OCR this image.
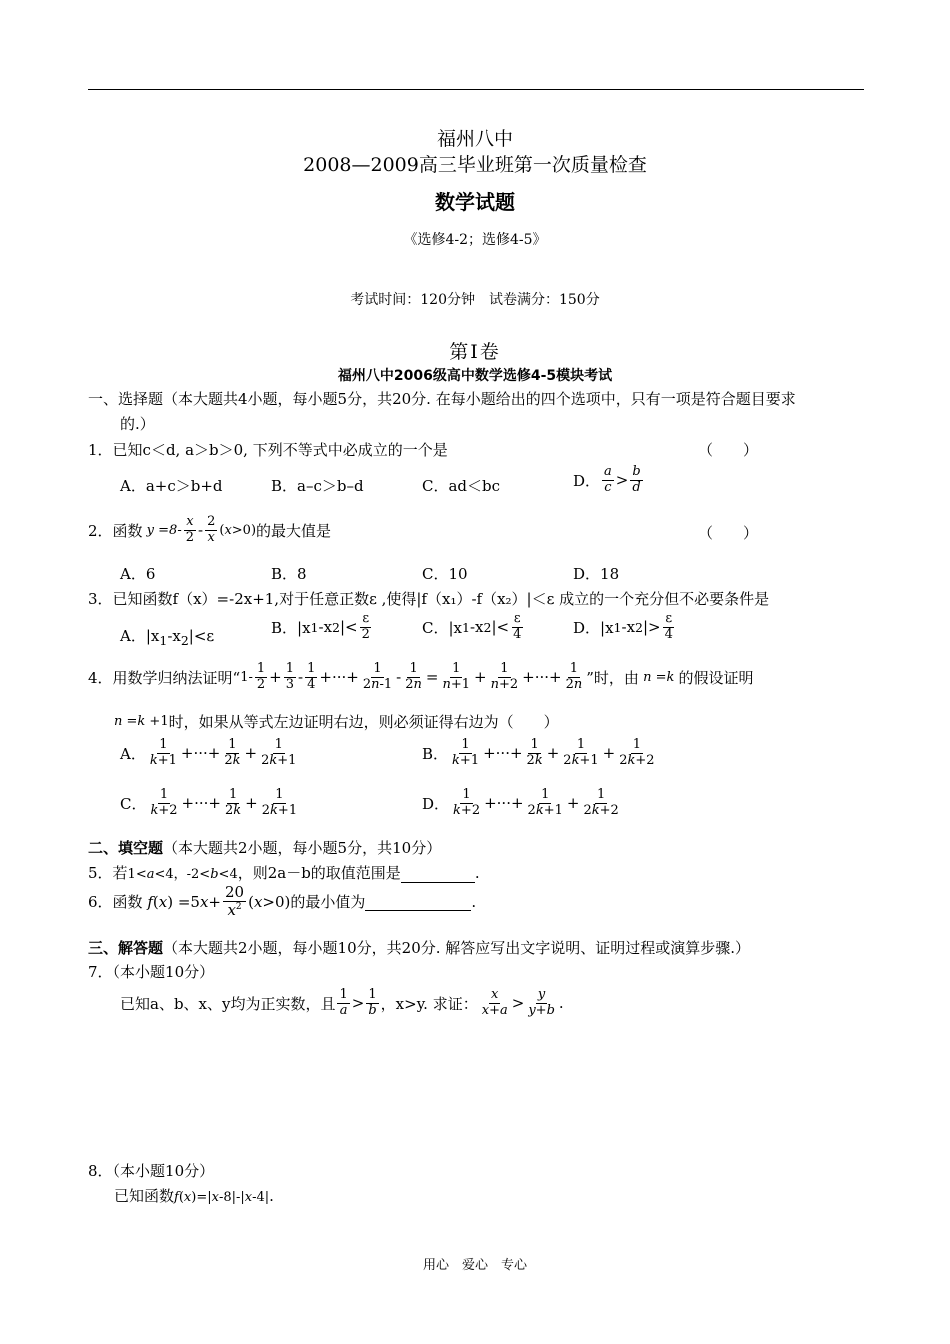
福州八中
2008—2009高三毕业班第一次质量检查
数学试题
《选修4-2；选修4-5》
考试时间：120分钟　试卷满分：150分
第Ⅰ卷
福州八中2006级高中数学选修4-5模块考试
一、选择题（本大题共4小题，每小题5分，共20分. 在每小题给出的四个选项中，只有一项是符合题目要求
的.）
1．已知c＜d, a＞b＞0, 下列不等式中必成立的一个是	（　　）
A．a+c＞b+d	B．a–c＞b–d	C．ad＜bc	D． $\frac{a}{c} > \frac{b}{d}$
2．函数 $y =8- \frac{x}{2} - \frac{2}{x} (x>0)$ 的最大值是	（　　）
A．6	B．8	C．10	D．18
3．已知函数f（x）=-2x+1,对于任意正数ε ,使得|f（x₁）-f（x₂）|＜ε 成立的一个充分但不必要条件是
A．$|x_1-x_2|<\varepsilon$	B．|x 1 -x 2 |< $\frac{\varepsilon}{2}$	C．|x 1 -x 2 |< $\frac{\varepsilon}{4}$	D．|x 1 -x 2 |> $\frac{\varepsilon}{4}$
4．用数学归纳法证明“ $1- \frac{1}{2} + \frac{1}{3} - \frac{1}{4}$ +···+ $\frac{1}{2n-1} - \frac{1}{2n} = \frac{1}{n+1} + \frac{1}{n+2}$ +···+ $\frac{1}{2n}$ ”时，由 n =k 的假设证明
n =k +1 时，如果从等式左边证明右边，则必须证得右边为（　　）
A． $\frac{1}{k+1}$ +···+ $\frac{1}{2k} + \frac{1}{2k+1}$	B． $\frac{1}{k+1}$ +···+ $\frac{1}{2k} + \frac{1}{2k+1} + \frac{1}{2k+2}$
C． $\frac{1}{k+2}$ +···+ $\frac{1}{2k} + \frac{1}{2k+1}$	D． $\frac{1}{k+2}$ +···+ $\frac{1}{2k+1} + \frac{1}{2k+2}$
二、填空题（本大题共2小题，每小题5分，共10分）
5．若1<a<4，-2<b<4，则2a－b的取值范围是	.
6．函数
f ( x ) =5 $x + \frac{20}{x^2}$ ( x >0) 的最小值为	.
三、解答题（本大题共2小题，每小题10分，共20分. 解答应写出文字说明、证明过程或演算步骤.）
7．（本小题10分）
已知a、b、x、y均为正实数，且 $\frac{1}{a} > \frac{1}{b}$ ，x>y. 求证： $\frac{x}{x+a} > \frac{y}{y+b}$ .
8．（本小题10分）
已知函数f(x)=|x-8|-|x-4|.
用心　爱心　专心
